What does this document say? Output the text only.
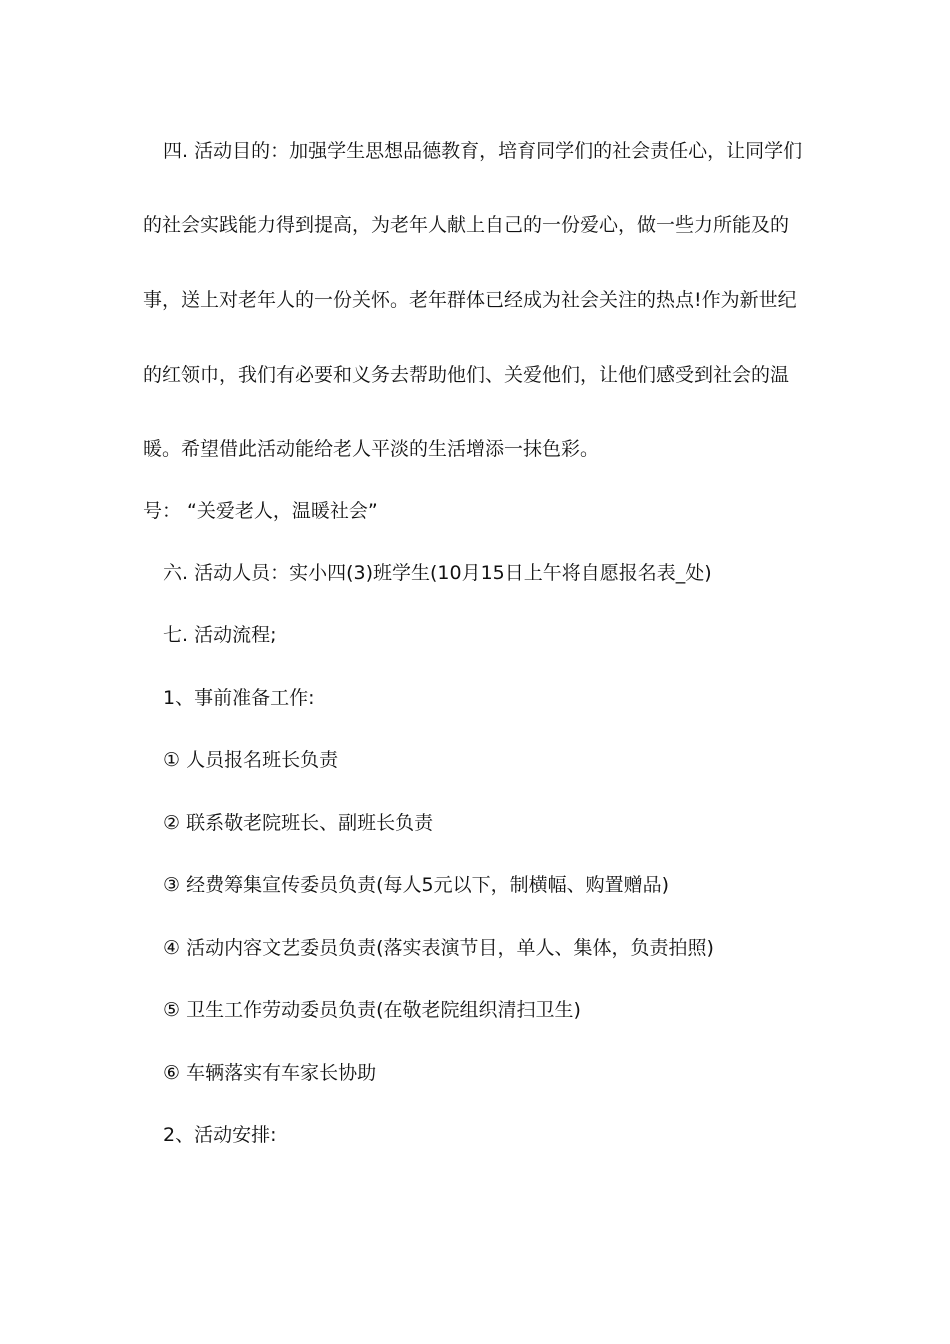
四. 活动目的：加强学生思想品德教育，培育同学们的社会责任心，让同学们
的社会实践能力得到提高，为老年人献上自己的一份爱心，做一些力所能及的
事，送上对老年人的一份关怀。老年群体已经成为社会关注的热点!作为新世纪
的红领巾，我们有必要和义务去帮助他们、关爱他们，让他们感受到社会的温
暖。希望借此活动能给老人平淡的生活增添一抹色彩。
号： “关爱老人，温暖社会”
六. 活动人员：实小四(3)班学生(10月15日上午将自愿报名表_处)
七. 活动流程;
1、事前准备工作:
① 人员报名班长负责
② 联系敬老院班长、副班长负责
③ 经费筹集宣传委员负责(每人5元以下，制横幅、购置赠品)
④ 活动内容文艺委员负责(落实表演节目，单人、集体，负责拍照)
⑤ 卫生工作劳动委员负责(在敬老院组织清扫卫生)
⑥ 车辆落实有车家长协助
2、活动安排:
